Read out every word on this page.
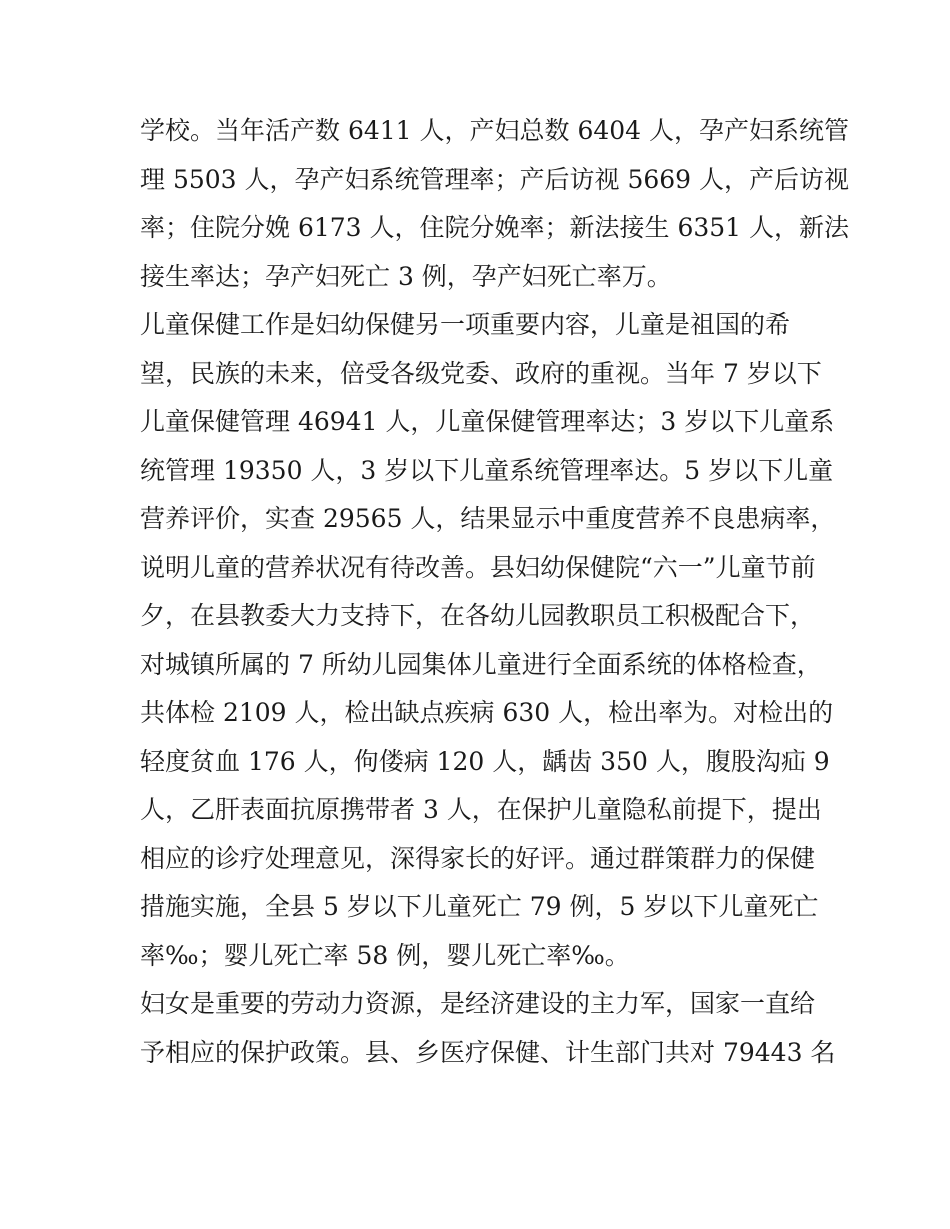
学校。当年活产数 6411 人，产妇总数 6404 人，孕产妇系统管
理 5503 人，孕产妇系统管理率；产后访视 5669 人，产后访视
率；住院分娩 6173 人，住院分娩率；新法接生 6351 人，新法
接生率达；孕产妇死亡 3 例，孕产妇死亡率万。
儿童保健工作是妇幼保健另一项重要内容，儿童是祖国的希
望，民族的未来，倍受各级党委、政府的重视。当年 7 岁以下
儿童保健管理 46941 人，儿童保健管理率达；3 岁以下儿童系
统管理 19350 人，3 岁以下儿童系统管理率达。5 岁以下儿童
营养评价，实查 29565 人，结果显示中重度营养不良患病率，
说明儿童的营养状况有待改善。县妇幼保健院“六一”儿童节前
夕，在县教委大力支持下，在各幼儿园教职员工积极配合下，
对城镇所属的 7 所幼儿园集体儿童进行全面系统的体格检查，
共体检 2109 人，检出缺点疾病 630 人，检出率为。对检出的
轻度贫血 176 人，佝偻病 120 人，龋齿 350 人，腹股沟疝 9
人，乙肝表面抗原携带者 3 人，在保护儿童隐私前提下，提出
相应的诊疗处理意见，深得家长的好评。通过群策群力的保健
措施实施，全县 5 岁以下儿童死亡 79 例，5 岁以下儿童死亡
率‰；婴儿死亡率 58 例，婴儿死亡率‰。
妇女是重要的劳动力资源，是经济建设的主力军，国家一直给
予相应的保护政策。县、乡医疗保健、计生部门共对 79443 名
